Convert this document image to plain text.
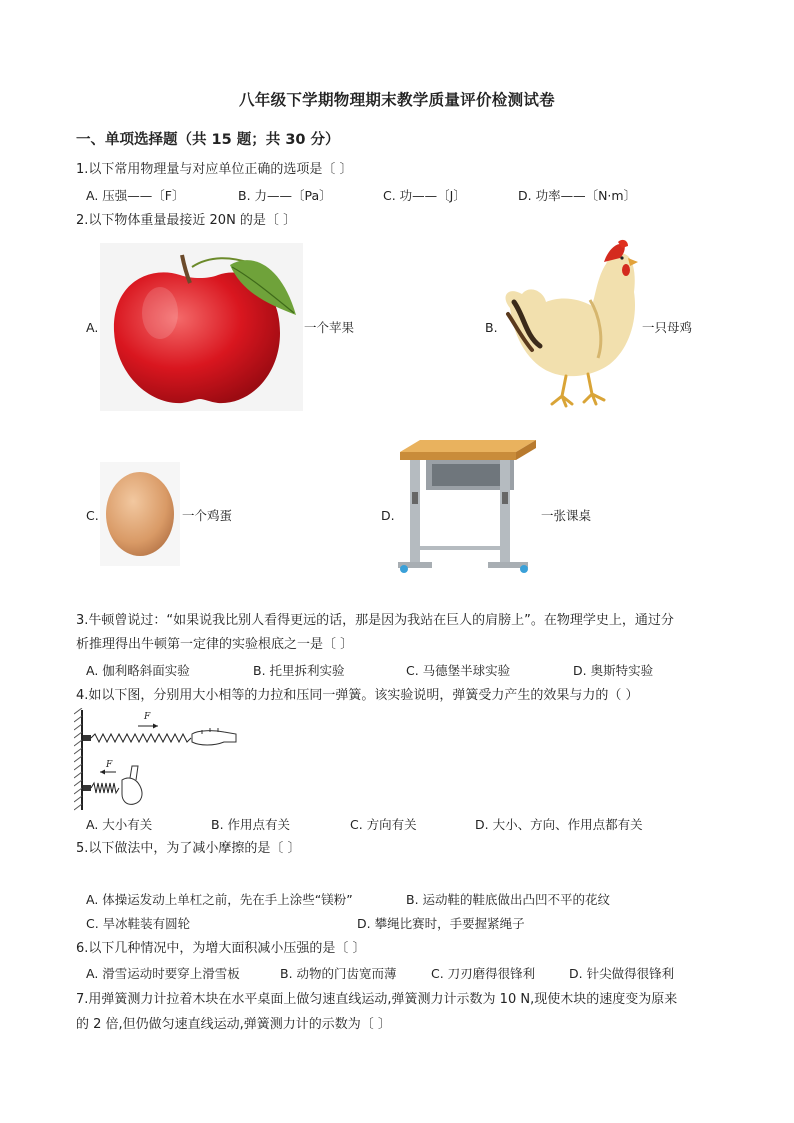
八年级下学期物理期末教学质量评价检测试卷
一、单项选择题（共 15 题；共 30 分）
1.以下常用物理量与对应单位正确的选项是〔 〕
A. 压强——〔F〕	B. 力——〔Pa〕	C. 功——〔J〕	D. 功率——〔N·m〕
2.以下物体重量最接近 20N 的是〔 〕
A.	一个苹果	B.	一只母鸡
C.	一个鸡蛋	D.	一张课桌
3.牛顿曾说过：“如果说我比别人看得更远的话，那是因为我站在巨人的肩膀上”。在物理学史上，通过分
析推理得出牛顿第一定律的实验根底之一是〔 〕
A. 伽利略斜面实验	B. 托里拆利实验	C. 马德堡半球实验	D. 奥斯特实验
4.如以下图，分别用大小相等的力拉和压同一弹簧。该实验说明，弹簧受力产生的效果与力的（ ）
F
F
A. 大小有关	B. 作用点有关	C. 方向有关	D. 大小、方向、作用点都有关
5.以下做法中，为了减小摩擦的是〔 〕
A. 体操运发动上单杠之前，先在手上涂些“镁粉”	B. 运动鞋的鞋底做出凸凹不平的花纹
C. 旱冰鞋装有圆轮	D. 攀绳比赛时，手要握紧绳子
6.以下几种情况中，为增大面积减小压强的是〔 〕
A. 滑雪运动时要穿上滑雪板	B. 动物的门齿宽而薄	C. 刀刃磨得很锋利	D. 针尖做得很锋利
7.用弹簧测力计拉着木块在水平桌面上做匀速直线运动,弹簧测力计示数为 10 N,现使木块的速度变为原来
的 2 倍,但仍做匀速直线运动,弹簧测力计的示数为〔 〕
